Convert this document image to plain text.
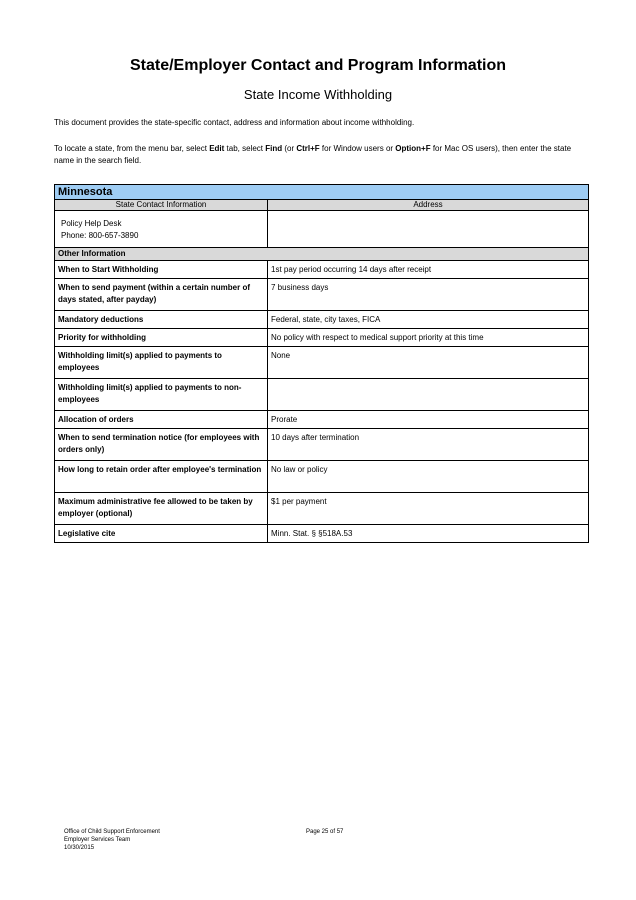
State/Employer Contact and Program Information
State Income Withholding

This document provides the state-specific contact, address and information about income withholding.

To locate a state, from the menu bar, select Edit tab, select Find (or Ctrl+F for Window users or Option+F for Mac OS users), then enter the state name in the search field.

Minnesota	
State Contact Information	Address

Policy Help Desk
Phone: 800-657-3890	

Other Information	
When to Start Withholding	1st pay period occurring 14 days after receipt
When to send payment (within a certain number of days stated, after payday)	7 business days
Mandatory deductions	Federal, state, city taxes, FICA
Priority for withholding	No policy with respect to medical support priority at this time
Withholding limit(s) applied to payments to employees	None
Withholding limit(s) applied to payments to non-employees	
Allocation of orders	Prorate
When to send termination notice (for employees with orders only)	10 days after termination
How long to retain order after employee's termination	No law or policy
Maximum administrative fee allowed to be taken by employer (optional)	$1 per payment
Legislative cite	Minn. Stat. § §518A.53
Office of Child Support Enforcement
Employer Services Team
10/30/2015
Page 25 of 57
